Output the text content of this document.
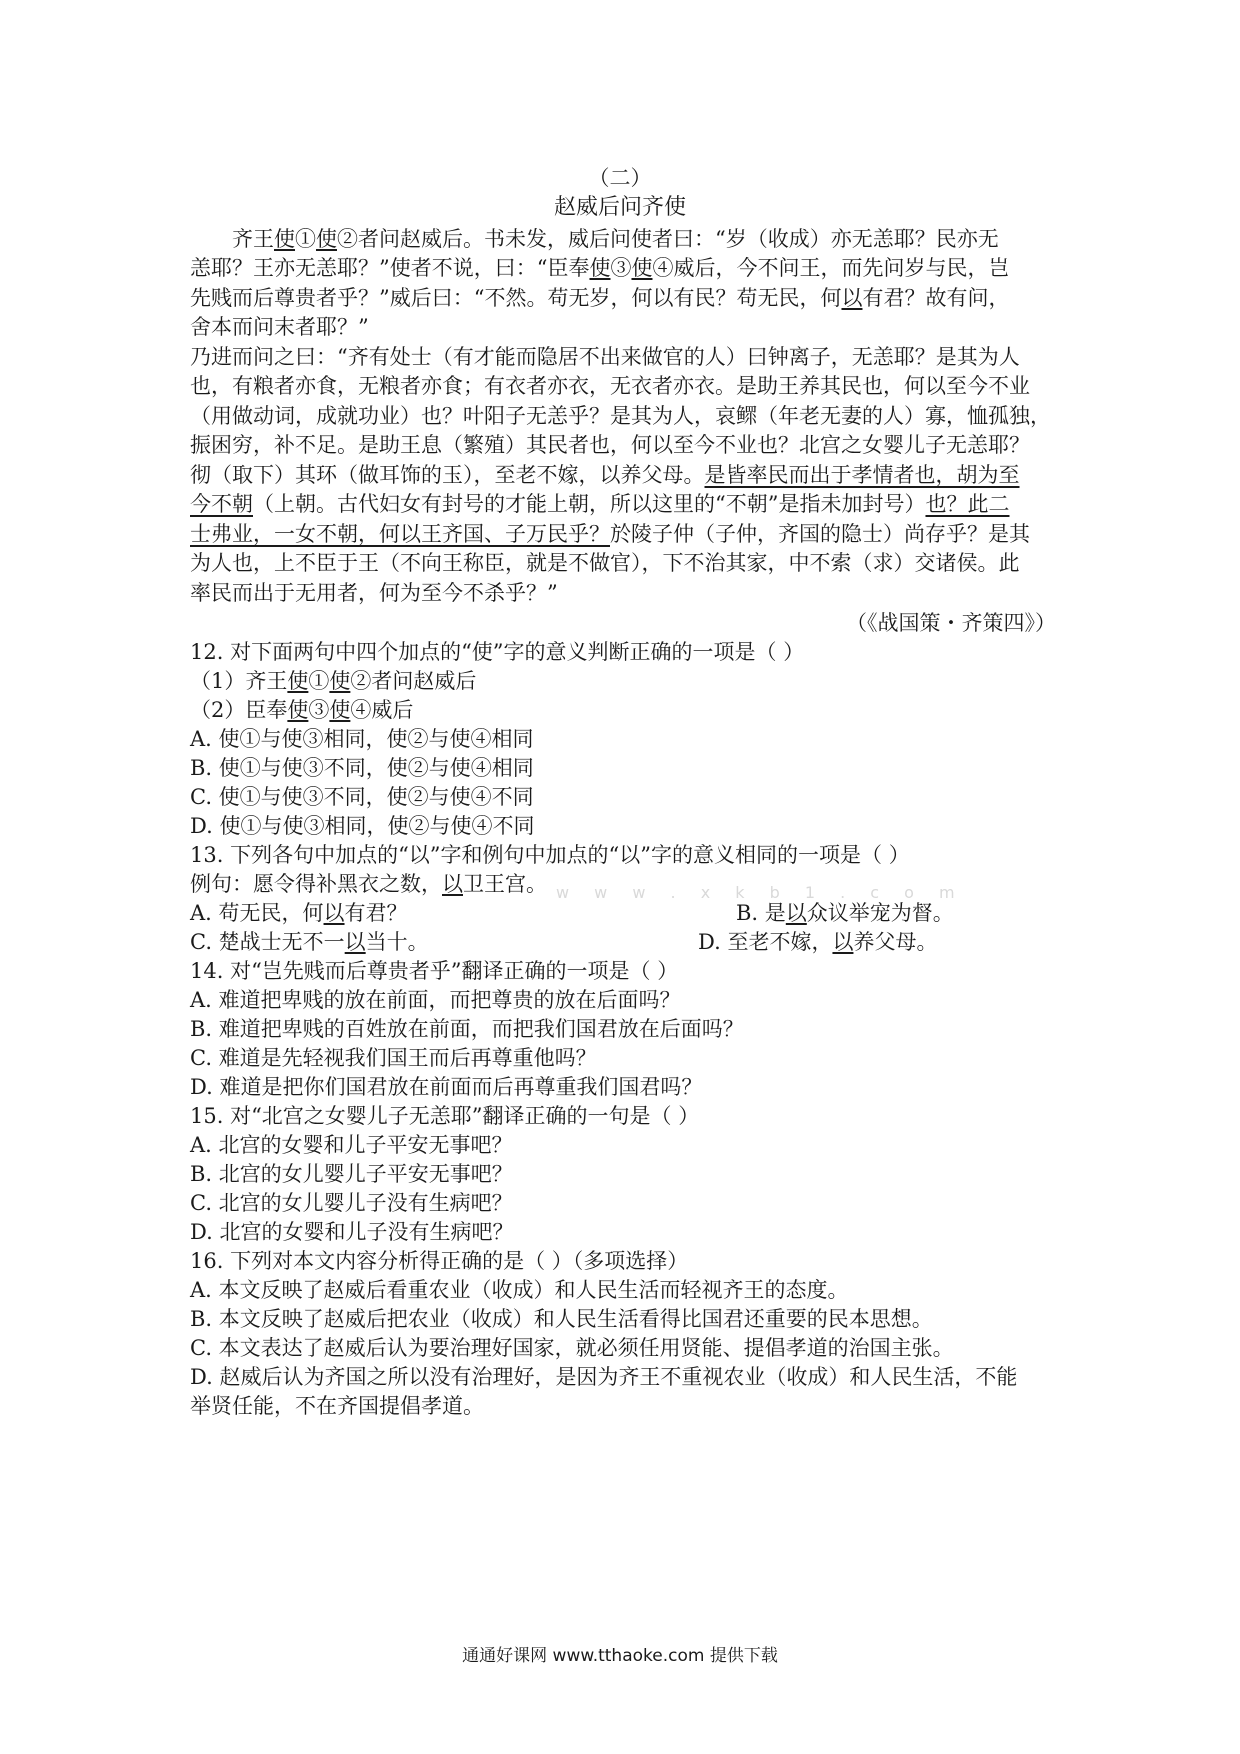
（二）
赵威后问齐使
齐王使①使②者问赵威后。书未发，威后问使者曰：“岁（收成）亦无恙耶？民亦无
恙耶？王亦无恙耶？”使者不说，曰：“臣奉使③使④威后，今不问王，而先问岁与民，岂
先贱而后尊贵者乎？”威后曰：“不然。苟无岁，何以有民？苟无民，何以有君？故有问，
舍本而问末者耶？”
乃进而问之曰：“齐有处士（有才能而隐居不出来做官的人）曰钟离子，无恙耶？是其为人
也，有粮者亦食，无粮者亦食；有衣者亦衣，无衣者亦衣。是助王养其民也，何以至今不业
（用做动词，成就功业）也？叶阳子无恙乎？是其为人，哀鳏（年老无妻的人）寡，恤孤独，
振困穷，补不足。是助王息（繁殖）其民者也，何以至今不业也？北宫之女婴儿子无恙耶？
彻（取下）其环（做耳饰的玉），至老不嫁，以养父母。是皆率民而出于孝情者也，胡为至
今不朝（上朝。古代妇女有封号的才能上朝，所以这里的“不朝”是指未加封号）也？此二
士弗业，一女不朝，何以王齐国、子万民乎？於陵子仲（子仲，齐国的隐士）尚存乎？是其
为人也，上不臣于王（不向王称臣，就是不做官），下不治其家，中不索（求）交诸侯。此
率民而出于无用者，何为至今不杀乎？”
（《战国策・齐策四》）
12. 对下面两句中四个加点的“使”字的意义判断正确的一项是（ ）
（1）齐王使①使②者问赵威后
（2）臣奉使③使④威后
A. 使①与使③相同，使②与使④相同
B. 使①与使③不同，使②与使④相同
C. 使①与使③不同，使②与使④不同
D. 使①与使③相同，使②与使④不同
w w w . x k b 1 . c o m
13. 下列各句中加点的“以”字和例句中加点的“以”字的意义相同的一项是（ ）
例句：愿令得补黑衣之数，以卫王宫。
A. 苟无民，何以有君？	B. 是以众议举宠为督。
C. 楚战士无不一以当十。	D. 至老不嫁，以养父母。
14. 对“岂先贱而后尊贵者乎”翻译正确的一项是（ ）
A. 难道把卑贱的放在前面，而把尊贵的放在后面吗？
B. 难道把卑贱的百姓放在前面，而把我们国君放在后面吗？
C. 难道是先轻视我们国王而后再尊重他吗？
D. 难道是把你们国君放在前面而后再尊重我们国君吗？
15. 对“北宫之女婴儿子无恙耶”翻译正确的一句是（ ）
A. 北宫的女婴和儿子平安无事吧？
B. 北宫的女儿婴儿子平安无事吧？
C. 北宫的女儿婴儿子没有生病吧？
D. 北宫的女婴和儿子没有生病吧？
16. 下列对本文内容分析得正确的是（ ）（多项选择）
A. 本文反映了赵威后看重农业（收成）和人民生活而轻视齐王的态度。
B. 本文反映了赵威后把农业（收成）和人民生活看得比国君还重要的民本思想。
C. 本文表达了赵威后认为要治理好国家，就必须任用贤能、提倡孝道的治国主张。
D. 赵威后认为齐国之所以没有治理好，是因为齐王不重视农业（收成）和人民生活，不能
举贤任能，不在齐国提倡孝道。
通通好课网 www.tthaoke.com 提供下载
